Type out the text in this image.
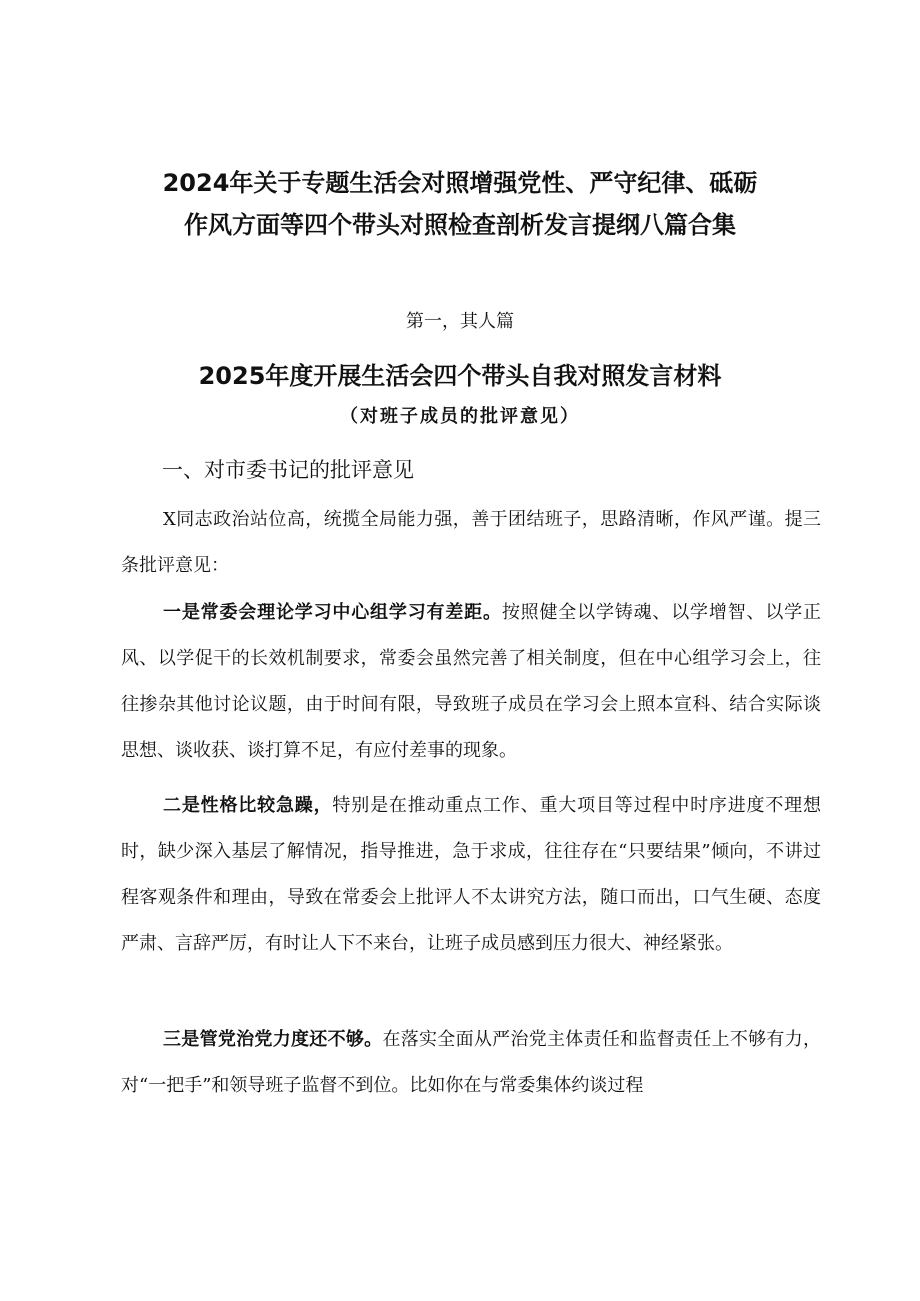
2024年关于专题生活会对照增强党性、严守纪律、砥砺
作风方面等四个带头对照检查剖析发言提纲八篇合集
第一，其人篇
2025年度开展生活会四个带头自我对照发言材料
（对班子成员的批评意见）
一、对市委书记的批评意见

X同志政治站位高，统揽全局能力强，善于团结班子，思路清晰，作风严谨。提三条批评意见：

一是常委会理论学习中心组学习有差距。按照健全以学铸魂、以学增智、以学正风、以学促干的长效机制要求，常委会虽然完善了相关制度，但在中心组学习会上，往往掺杂其他讨论议题，由于时间有限，导致班子成员在学习会上照本宣科、结合实际谈思想、谈收获、谈打算不足，有应付差事的现象。

二是性格比较急躁，特别是在推动重点工作、重大项目等过程中时序进度不理想时，缺少深入基层了解情况，指导推进，急于求成，往往存在“只要结果”倾向，不讲过程客观条件和理由，导致在常委会上批评人不太讲究方法，随口而出，口气生硬、态度严肃、言辞严厉，有时让人下不来台，让班子成员感到压力很大、神经紧张。

三是管党治党力度还不够。在落实全面从严治党主体责任和监督责任上不够有力，对“一把手”和领导班子监督不到位。比如你在与常委集体约谈过程
